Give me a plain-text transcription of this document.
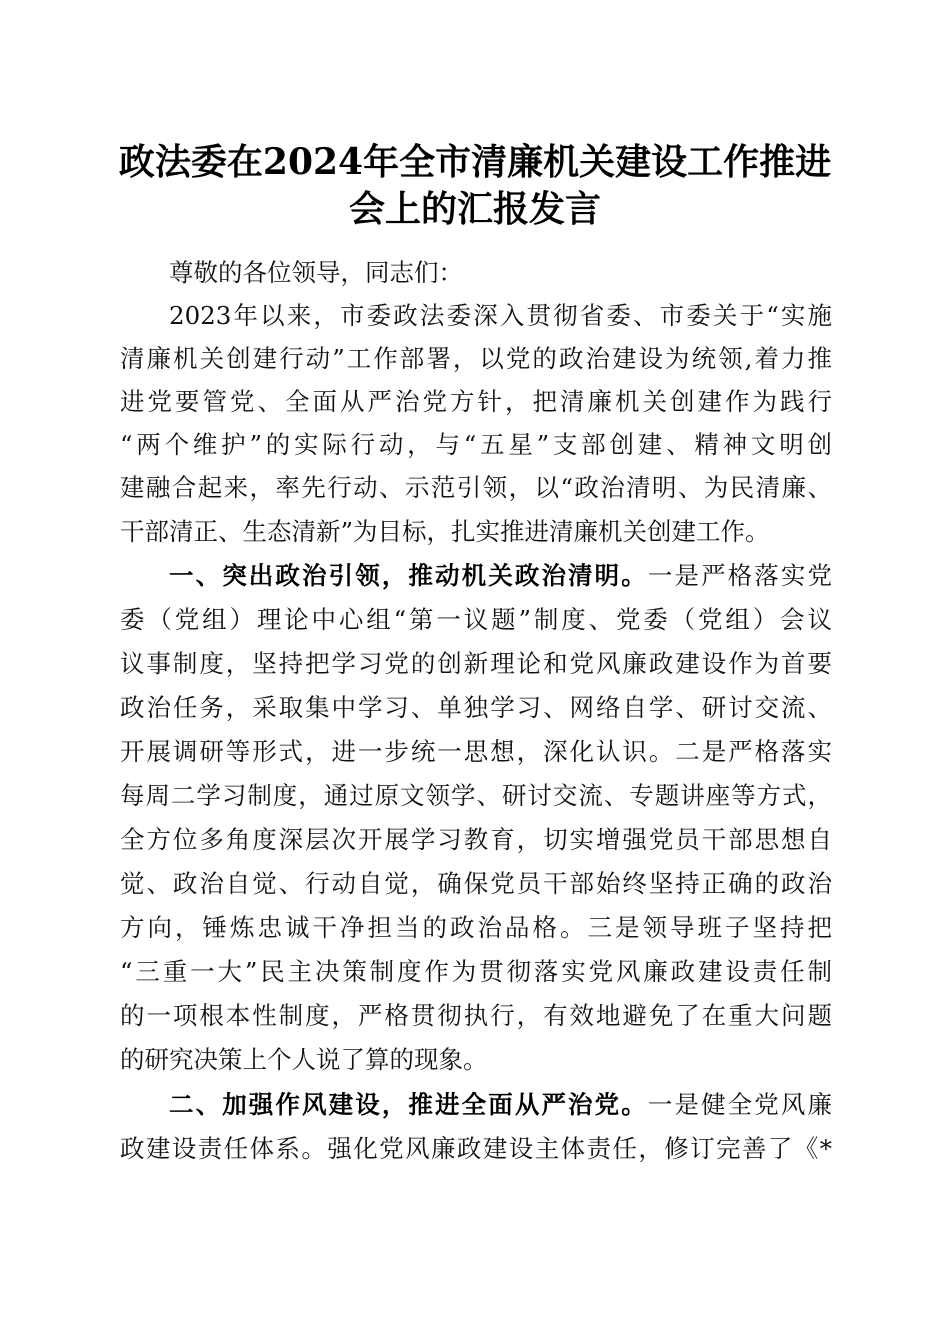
政法委在2024年全市清廉机关建设工作推进
会上的汇报发言

尊敬的各位领导，同志们：

2023年以来，市委政法委深入贯彻省委、市委关于“实施

清廉机关创建行动”工作部署，以党的政治建设为统领,着力推

进党要管党、全面从严治党方针，把清廉机关创建作为践行

“两个维护”的实际行动，与“五星”支部创建、精神文明创

建融合起来，率先行动、示范引领，以“政治清明、为民清廉、

干部清正、生态清新”为目标，扎实推进清廉机关创建工作。

一、突出政治引领，推动机关政治清明。一是严格落实党

委（党组）理论中心组“第一议题”制度、党委（党组）会议

议事制度，坚持把学习党的创新理论和党风廉政建设作为首要

政治任务，采取集中学习、单独学习、网络自学、研讨交流、

开展调研等形式，进一步统一思想，深化认识。二是严格落实

每周二学习制度，通过原文领学、研讨交流、专题讲座等方式，

全方位多角度深层次开展学习教育，切实增强党员干部思想自

觉、政治自觉、行动自觉，确保党员干部始终坚持正确的政治

方向，锤炼忠诚干净担当的政治品格。三是领导班子坚持把

“三重一大”民主决策制度作为贯彻落实党风廉政建设责任制

的一项根本性制度，严格贯彻执行，有效地避免了在重大问题

的研究决策上个人说了算的现象。

二、加强作风建设，推进全面从严治党。一是健全党风廉

政建设责任体系。强化党风廉政建设主体责任，修订完善了《*
